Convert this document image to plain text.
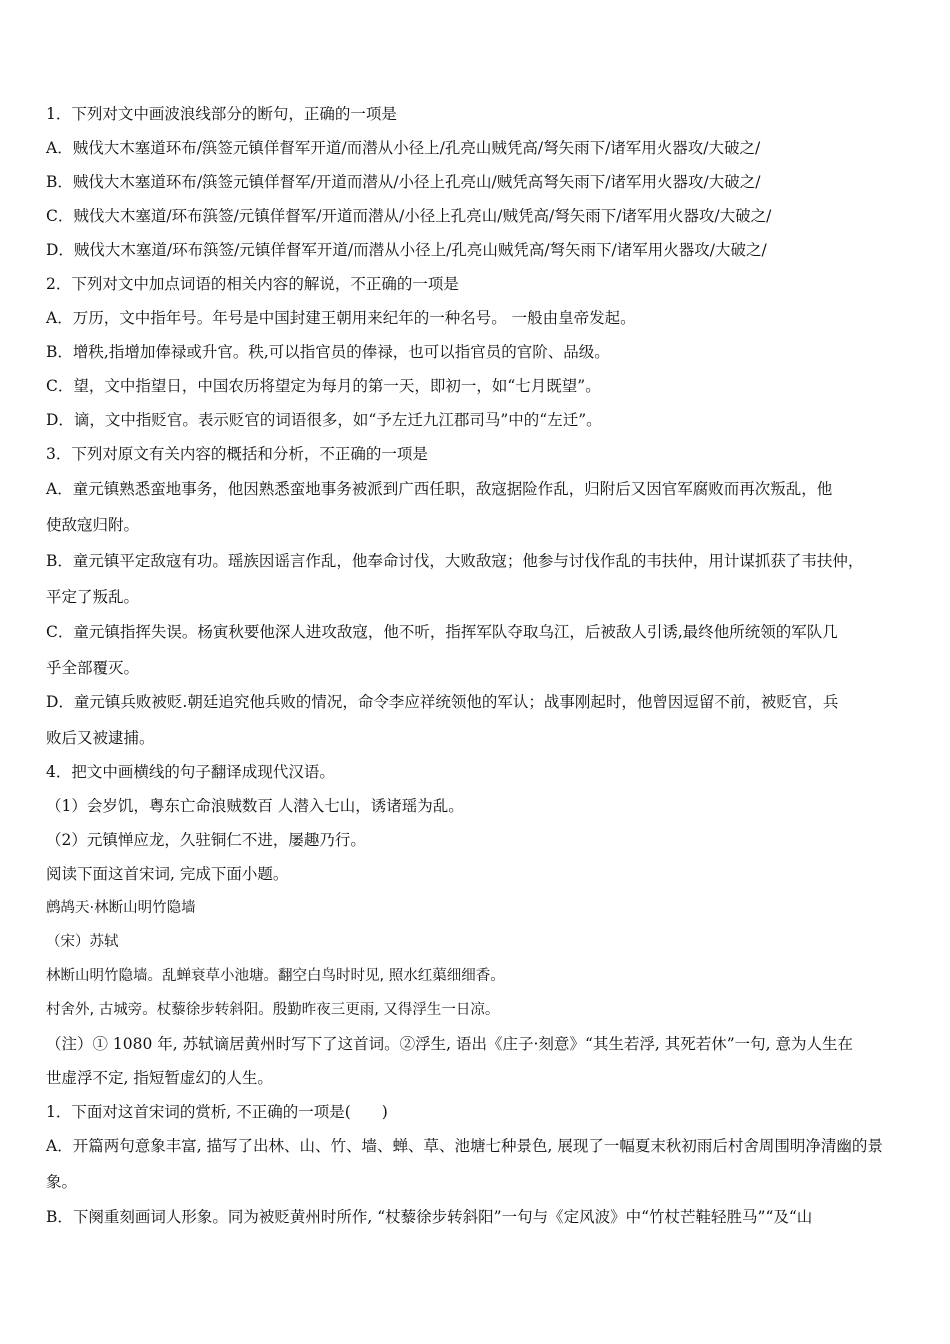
1．下列对文中画波浪线部分的断句，正确的一项是
A．贼伐大木塞道环布/篊签元镇佯督军开道/而潜从小径上/孔亮山贼凭高/弩矢雨下/诸军用火器攻/大破之/
B．贼伐大木塞道环布/篊签元镇佯督军/开道而潜从/小径上孔亮山/贼凭高弩矢雨下/诸军用火器攻/大破之/
C．贼伐大木塞道/环布篊签/元镇佯督军/开道而潜从/小径上孔亮山/贼凭高/弩矢雨下/诸军用火器攻/大破之/
D．贼伐大木塞道/环布篊签/元镇佯督军开道/而潜从小径上/孔亮山贼凭高/弩矢雨下/诸军用火器攻/大破之/
2．下列对文中加点词语的相关内容的解说，不正确的一项是
A．万历，文中指年号。年号是中国封建王朝用来纪年的一种名号。 一般由皇帝发起。
B．增秩,指增加俸禄或升官。秩,可以指官员的俸禄，也可以指官员的官阶、品级。
C．望，文中指望日，中国农历将望定为每月的第一天，即初一，如“七月既望”。
D．谪，文中指贬官。表示贬官的词语很多，如“予左迁九江郡司马”中的“左迁”。
3．下列对原文有关内容的概括和分析，不正确的一项是
A．童元镇熟悉蛮地事务，他因熟悉蛮地事务被派到广西任职，敌寇据险作乱，归附后又因官军腐败而再次叛乱，他
使敌寇归附。
B．童元镇平定敌寇有功。瑶族因谣言作乱，他奉命讨伐，大败敌寇；他参与讨伐作乱的韦扶仲，用计谋抓获了韦扶仲，
平定了叛乱。
C．童元镇指挥失误。杨寅秋要他深人进攻敌寇，他不听，指挥军队夺取乌江，后被敌人引诱,最终他所统领的军队几
乎全部覆灭。
D．童元镇兵败被贬.朝廷追究他兵败的情况，命令李应祥统领他的军认；战事刚起时，他曾因逗留不前，被贬官，兵
败后又被逮捕。
4．把文中画横线的句子翻译成现代汉语。
（1）会岁饥，粤东亡命浪贼数百 人潜入七山，诱诸瑶为乱。
（2）元镇惮应龙，久驻铜仁不进，屡趣乃行。
阅读下面这首宋词, 完成下面小题。
鹧鸪天·林断山明竹隐墙
（宋）苏轼
林断山明竹隐墙。乱蝉衰草小池塘。翻空白鸟时时见, 照水红蕖细细香。
村舍外, 古城旁。杖藜徐步转斜阳。殷勤昨夜三更雨, 又得浮生一日凉。
（注）① 1080 年, 苏轼谪居黄州时写下了这首词。②浮生, 语出《庄子·刻意》“其生若浮, 其死若休”一句, 意为人生在
世虚浮不定, 指短暂虚幻的人生。
1．下面对这首宋词的赏析, 不正确的一项是(　　)
A．开篇两句意象丰富, 描写了出林、山、竹、墙、蝉、草、池塘七种景色, 展现了一幅夏末秋初雨后村舍周围明净清幽的景
象。
B．下阕重刻画词人形象。同为被贬黄州时所作, “杖藜徐步转斜阳”一句与《定风波》中“竹杖芒鞋轻胜马”“及“山
